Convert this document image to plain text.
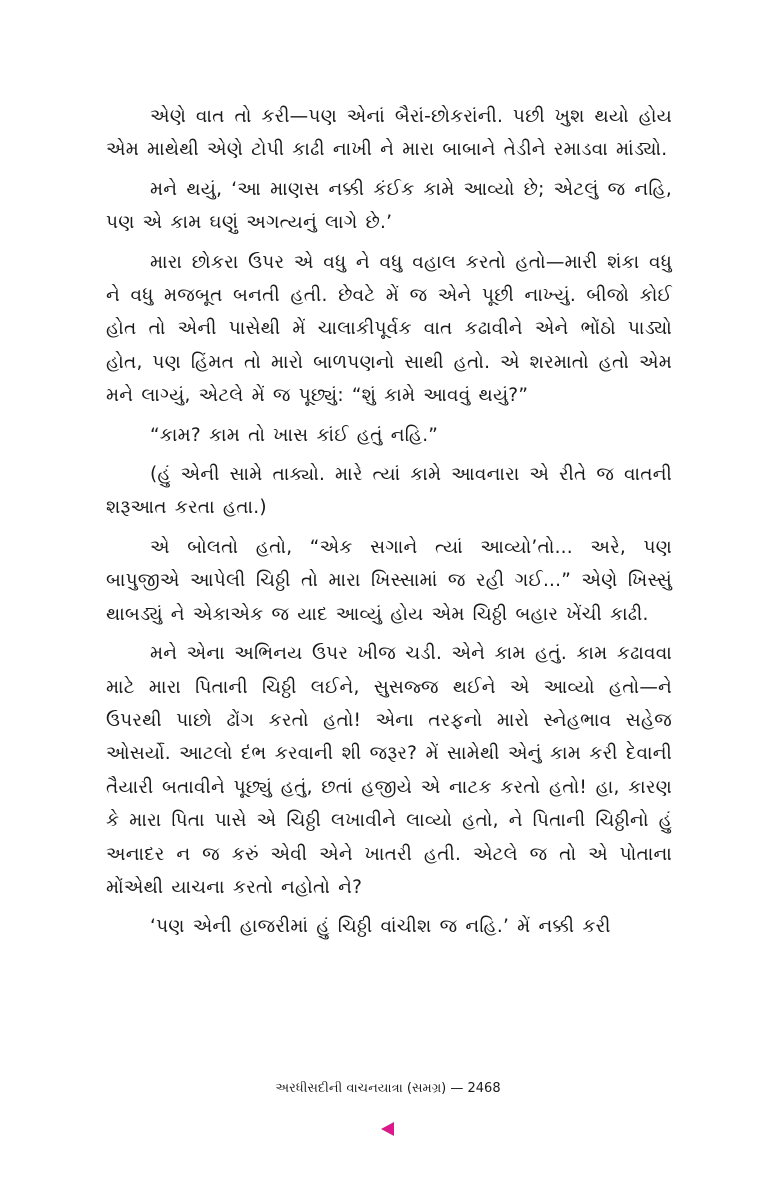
એણે વાત તો કરી—પણ એનાં બૈરાં-છોકરાંની. પછી ખુશ થયો હોય એમ માથેથી એણે ટોપી કાઢી નાખી ને મારા બાબાને તેડીને રમાડવા માંડ્યો.

મને થયું, ‘આ માણસ નક્કી કંઈક કામે આવ્યો છે; એટલું જ નહિ, પણ એ કામ ઘણું અગત્યનું લાગે છે.’

મારા છોકરા ઉપર એ વધુ ને વધુ વહાલ કરતો હતો—મારી શંકા વધુ ને વધુ મજબૂત બનતી હતી. છેવટે મેં જ એને પૂછી નાખ્યું. બીજો કોઈ હોત તો એની પાસેથી મેં ચાલાકીપૂર્વક વાત કઢાવીને એને ભોંઠો પાડ્યો હોત, પણ હિંમત તો મારો બાળપણનો સાથી હતો. એ શરમાતો હતો એમ મને લાગ્યું, એટલે મેં જ પૂછ્યું: “શું કામે આવવું થયું?”

“કામ? કામ તો ખાસ કાંઈ હતું નહિ.”

(હું એની સામે તાક્યો. મારે ત્યાં કામે આવનારા એ રીતે જ વાતની શરૂઆત કરતા હતા.)

એ બોલતો હતો, “એક સગાને ત્યાં આવ્યો’તો... અરે, પણ બાપુજીએ આપેલી ચિઠ્ઠી તો મારા ખિસ્સામાં જ રહી ગઈ...” એણે ખિસ્સું થાબડ્યું ને એકાએક જ યાદ આવ્યું હોય એમ ચિઠ્ઠી બહાર ખેંચી કાઢી.

મને એના અભિનય ઉપર ખીજ ચડી. એને કામ હતું. કામ કઢાવવા માટે મારા પિતાની ચિઠ્ઠી લઈને, સુસજ્જ થઈને એ આવ્યો હતો—ને ઉપરથી પાછો ઢોંગ કરતો હતો! એના તરફનો મારો સ્નેહભાવ સહેજ ઓસર્યો. આટલો દંભ કરવાની શી જરૂર? મેં સામેથી એનું કામ કરી દેવાની તૈયારી બતાવીને પૂછ્યું હતું, છતાં હજીયે એ નાટક કરતો હતો! હા, કારણ કે મારા પિતા પાસે એ ચિઠ્ઠી લખાવીને લાવ્યો હતો, ને પિતાની ચિઠ્ઠીનો હું અનાદર ન જ કરું એવી એને ખાતરી હતી. એટલે જ તો એ પોતાના મોંએથી યાચના કરતો નહોતો ને?

‘પણ એની હાજરીમાં હું ચિઠ્ઠી વાંચીશ જ નહિ.’ મેં નક્કી કરી

અરધીસદીની વાચનયાત્રા (સમગ્ર) — 2468
